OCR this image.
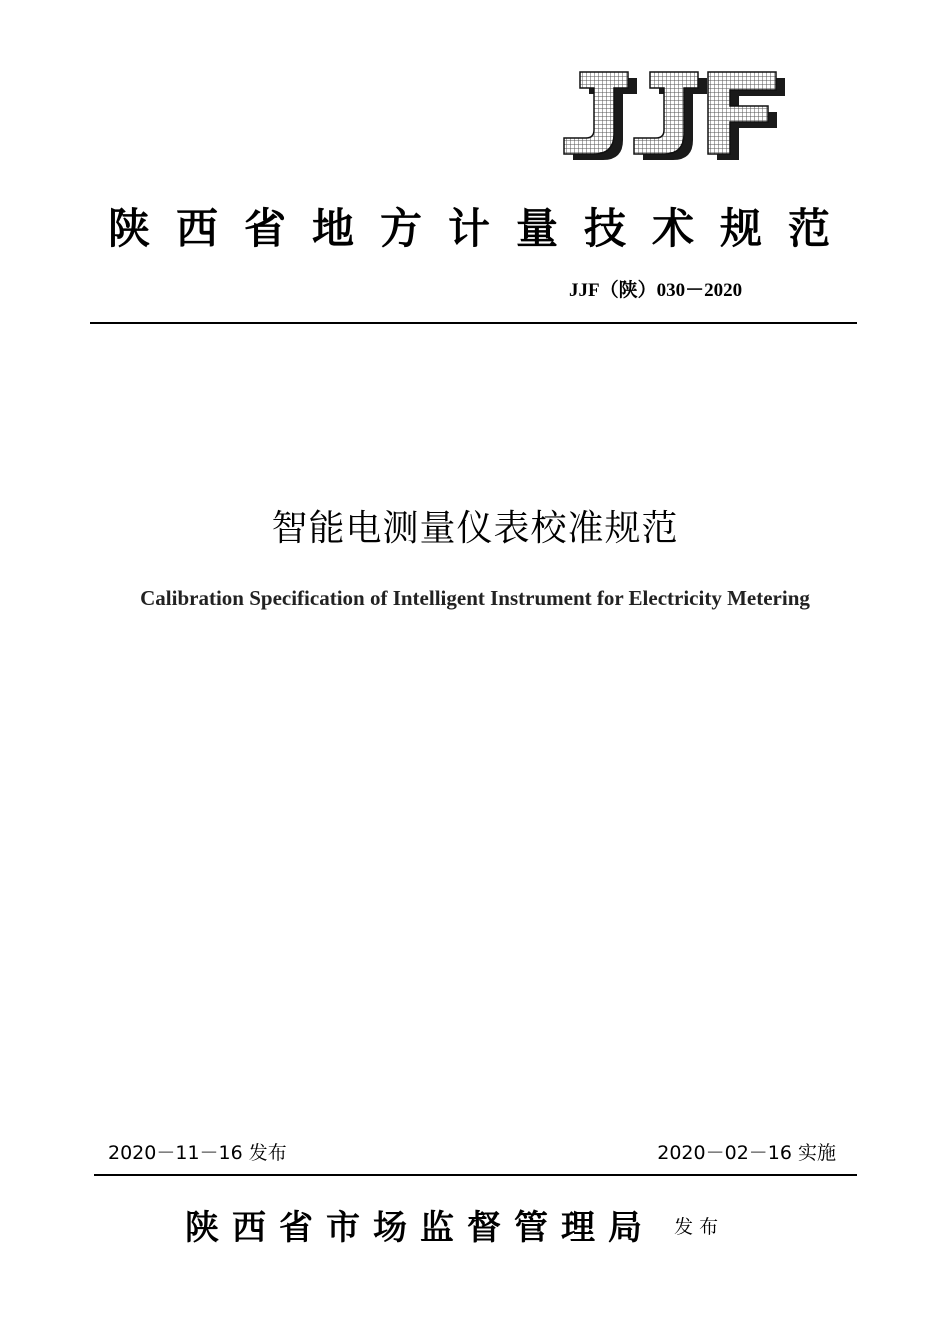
陕西省地方计量技术规范
JJF（陕）030－2020
智能电测量仪表校准规范
Calibration Specification of Intelligent Instrument for Electricity Metering
2020－11－16 发布	2020－02－16 实施
陕西省市场监督管理局 发布
